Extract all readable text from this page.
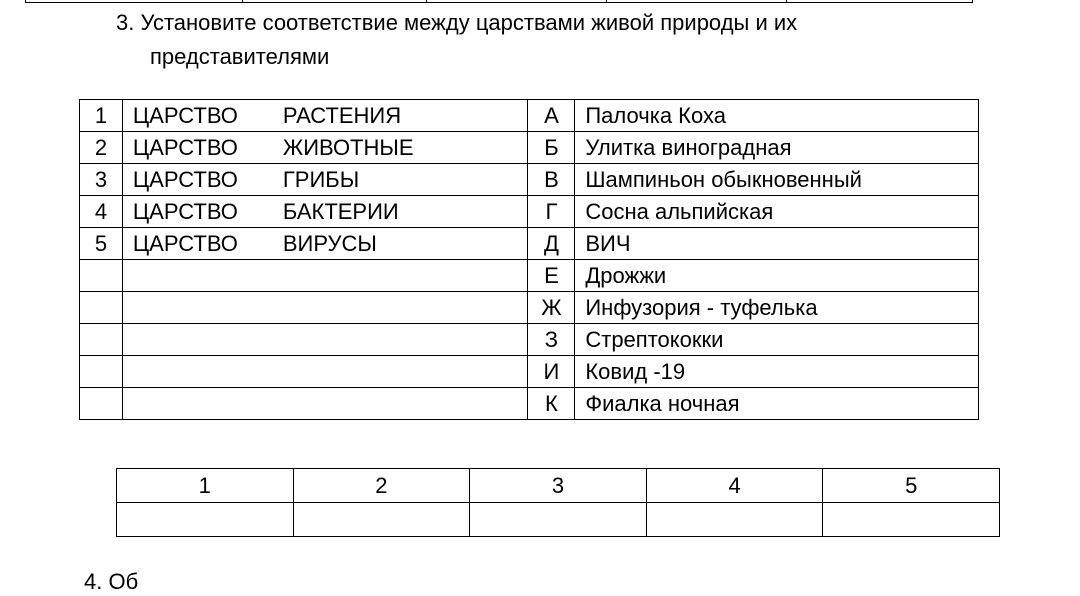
3. Установите соответствие между царствами живой природы и их
представителями
1	ЦАРСТВО РАСТЕНИЯ	А	Палочка Коха
2	ЦАРСТВО ЖИВОТНЫЕ	Б	Улитка виноградная
3	ЦАРСТВО ГРИБЫ	В	Шампиньон обыкновенный
4	ЦАРСТВО БАКТЕРИИ	Г	Сосна альпийская
5	ЦАРСТВО ВИРУСЫ	Д	ВИЧ
		Е	Дрожжи
		Ж	Инфузория - туфелька
		З	Стрептококки
		И	Ковид -19
		К	Фиалка ночная
1	2	3	4	5

4. Об
